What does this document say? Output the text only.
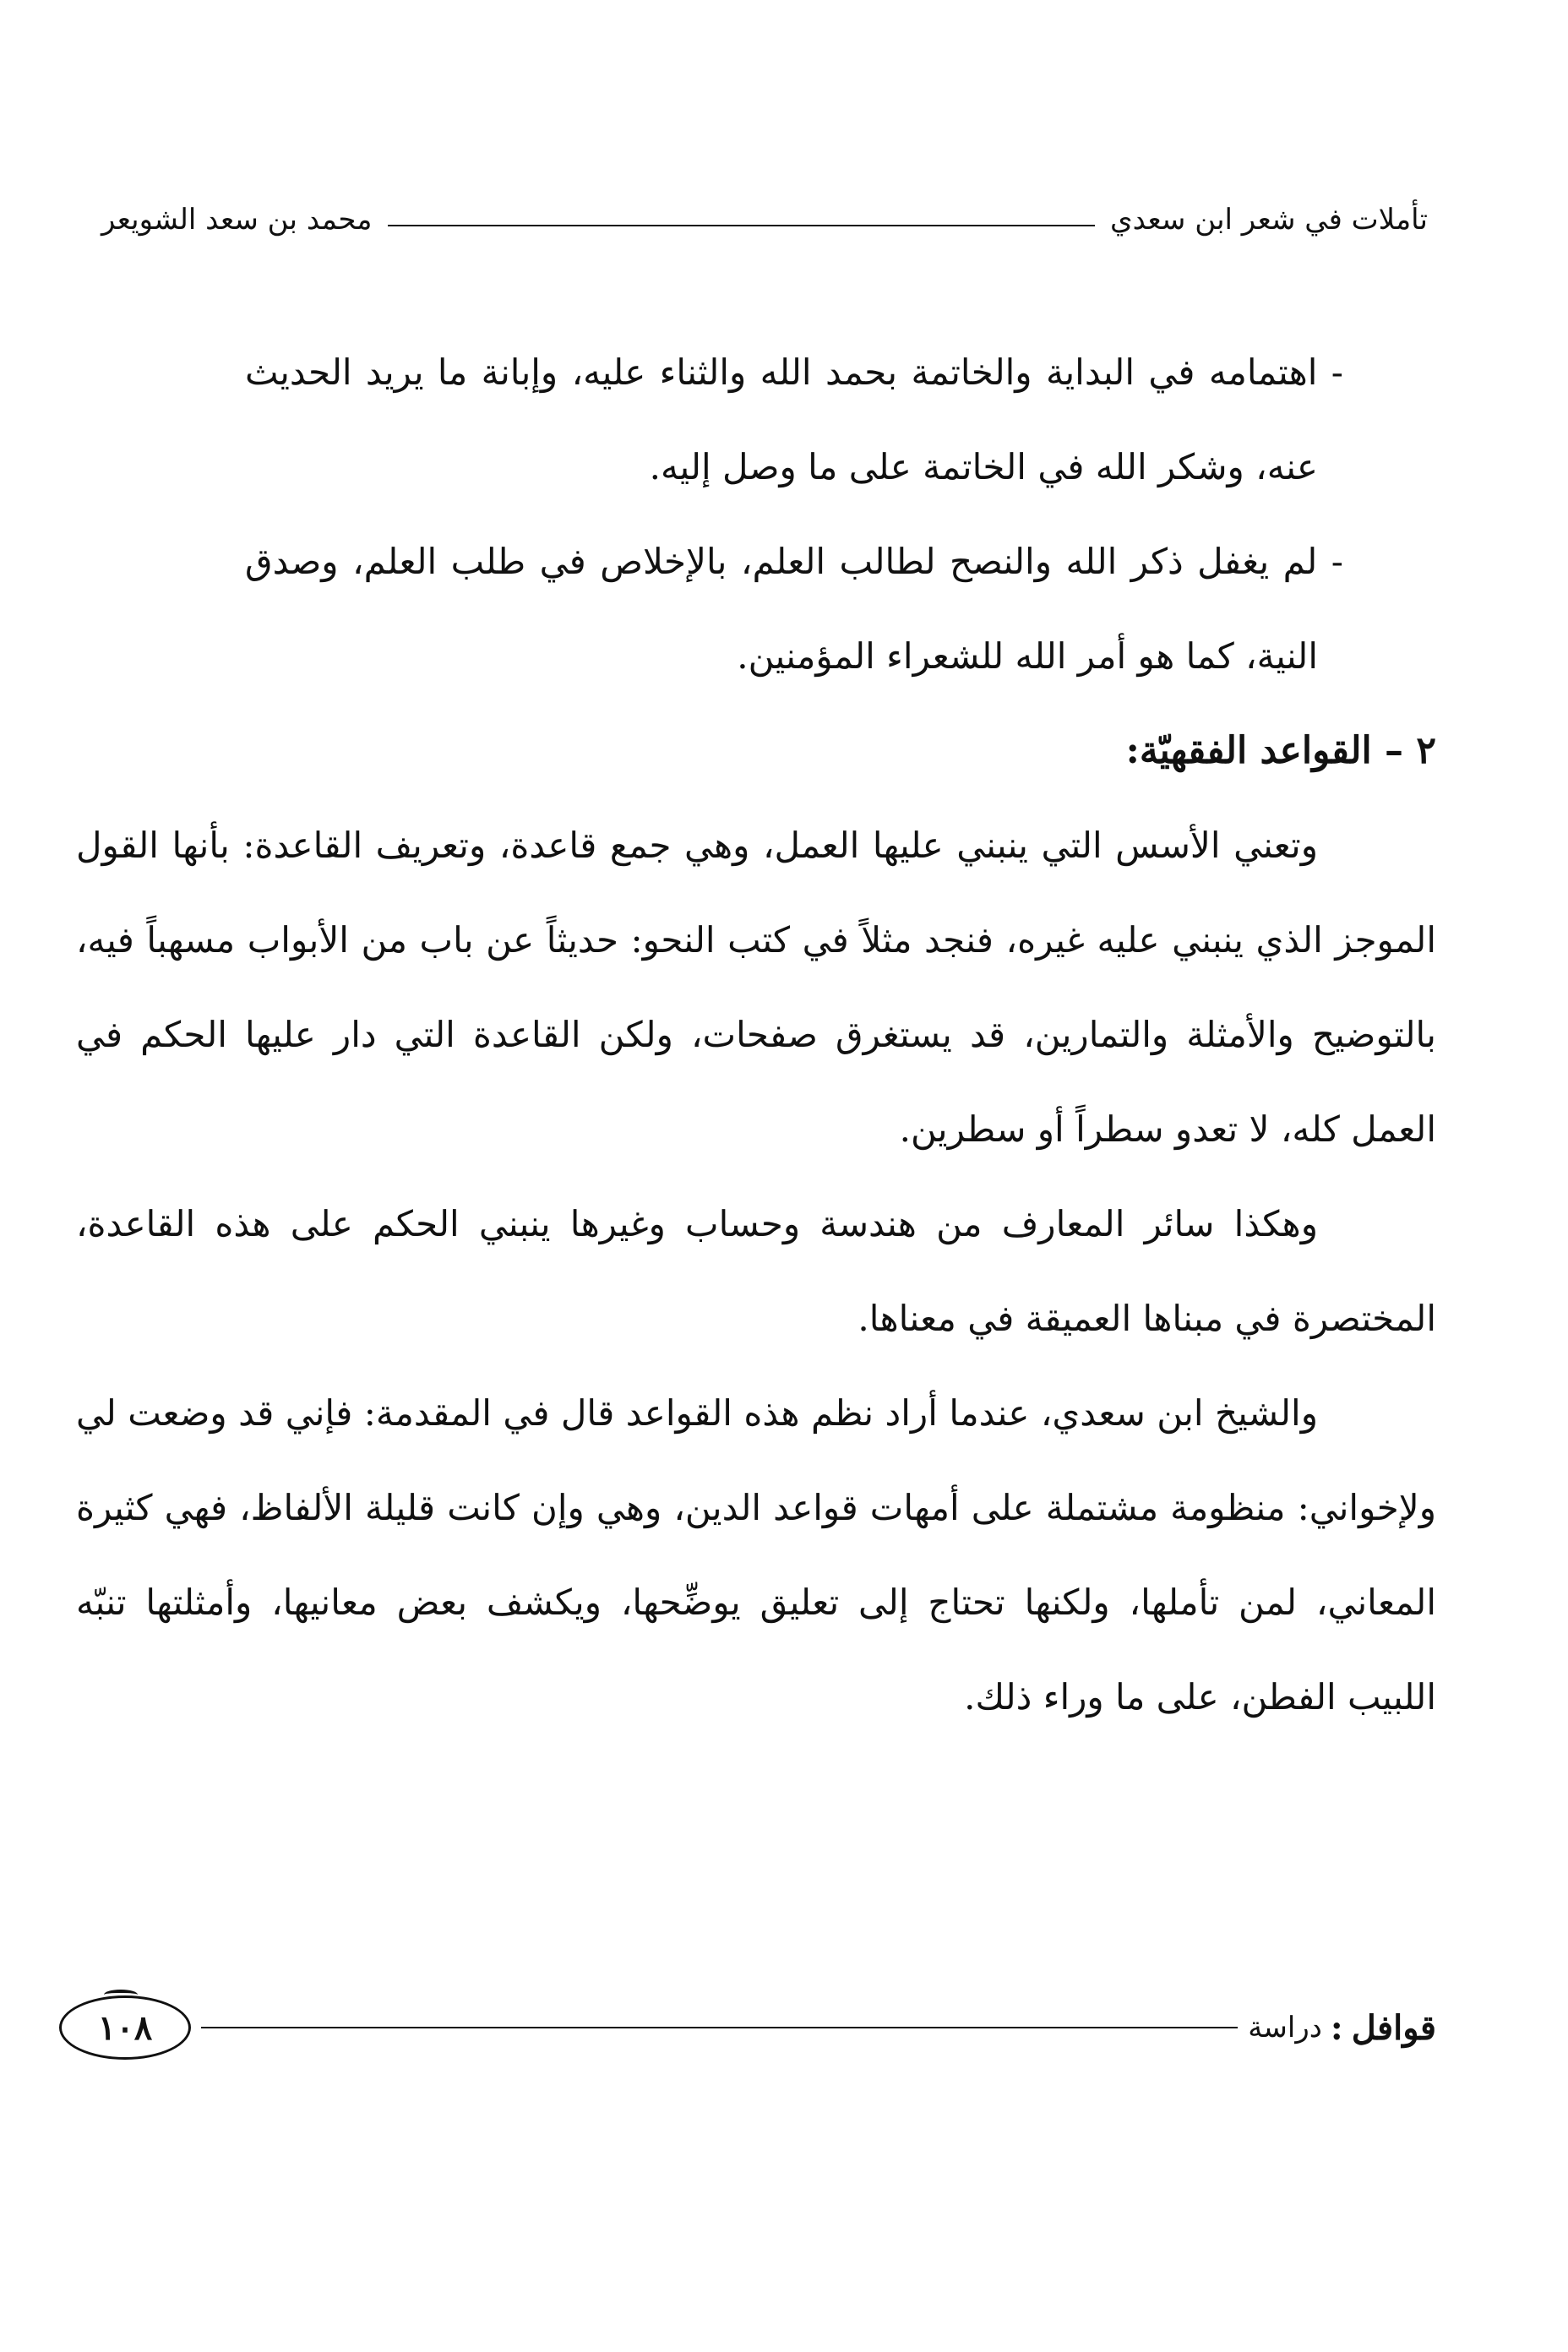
تأملات في شعر ابن سعدي
محمد بن سعد الشويعر

- اهتمامه في البداية والخاتمة بحمد الله والثناء عليه، وإبانة ما يريد الحديث عنه، وشكر الله في الخاتمة على ما وصل إليه.

- لم يغفل ذكر الله والنصح لطالب العلم، بالإخلاص في طلب العلم، وصدق النية، كما هو أمر الله للشعراء المؤمنين.

٢ – القواعد الفقهيّة:

وتعني الأسس التي ينبني عليها العمل، وهي جمع قاعدة، وتعريف القاعدة: بأنها القول الموجز الذي ينبني عليه غيره، فنجد مثلاً في كتب النحو: حديثاً عن باب من الأبواب مسهباً فيه، بالتوضيح والأمثلة والتمارين، قد يستغرق صفحات، ولكن القاعدة التي دار عليها الحكم في العمل كله، لا تعدو سطراً أو سطرين.

وهكذا سائر المعارف من هندسة وحساب وغيرها ينبني الحكم على هذه القاعدة، المختصرة في مبناها العميقة في معناها.

والشيخ ابن سعدي، عندما أراد نظم هذه القواعد قال في المقدمة: فإني قد وضعت لي ولإخواني: منظومة مشتملة على أمهات قواعد الدين، وهي وإن كانت قليلة الألفاظ، فهي كثيرة المعاني، لمن تأملها، ولكنها تحتاج إلى تعليق يوضِّحها، ويكشف بعض معانيها، وأمثلتها تنبّه اللبيب الفطن، على ما وراء ذلك.

قوافل
:
دراسة
١٠٨
